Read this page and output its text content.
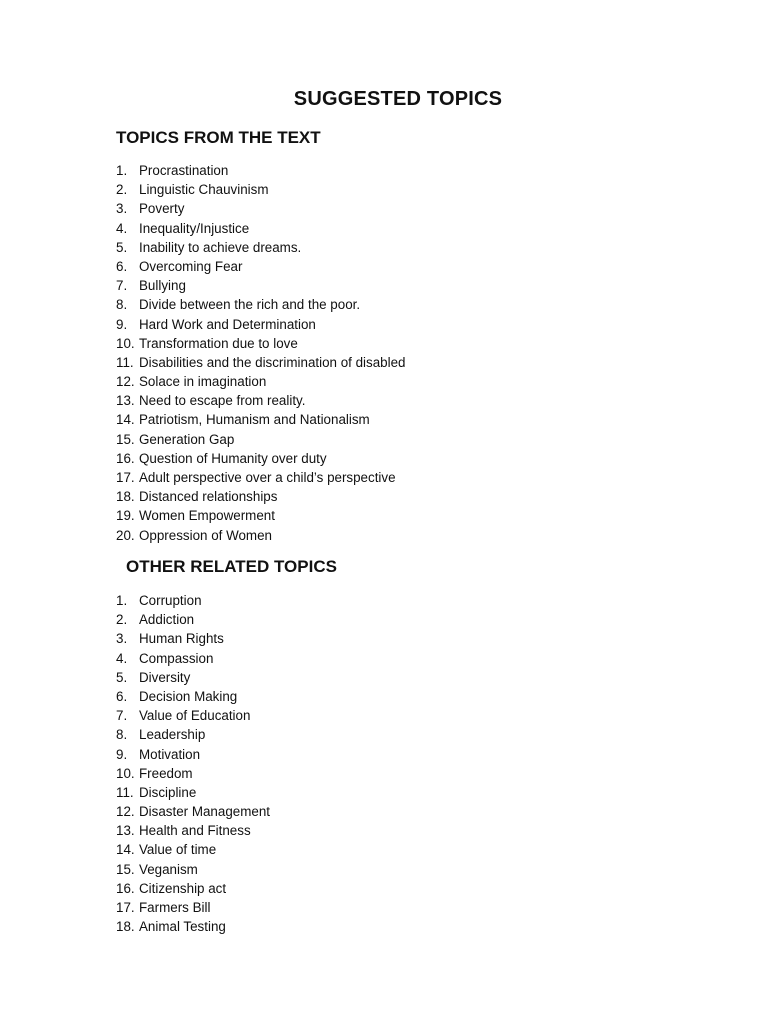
SUGGESTED TOPICS
TOPICS FROM THE TEXT
1. Procrastination
2. Linguistic Chauvinism
3. Poverty
4. Inequality/Injustice
5. Inability to achieve dreams.
6. Overcoming Fear
7. Bullying
8. Divide between the rich and the poor.
9. Hard Work and Determination
10. Transformation due to love
11. Disabilities and the discrimination of disabled
12. Solace in imagination
13. Need to escape from reality.
14. Patriotism, Humanism and Nationalism
15. Generation Gap
16. Question of Humanity over duty
17. Adult perspective over a child’s perspective
18. Distanced relationships
19. Women Empowerment
20. Oppression of Women
OTHER RELATED TOPICS
1. Corruption
2. Addiction
3. Human Rights
4. Compassion
5. Diversity
6. Decision Making
7. Value of Education
8. Leadership
9. Motivation
10. Freedom
11. Discipline
12. Disaster Management
13. Health and Fitness
14. Value of time
15. Veganism
16. Citizenship act
17. Farmers Bill
18. Animal Testing
